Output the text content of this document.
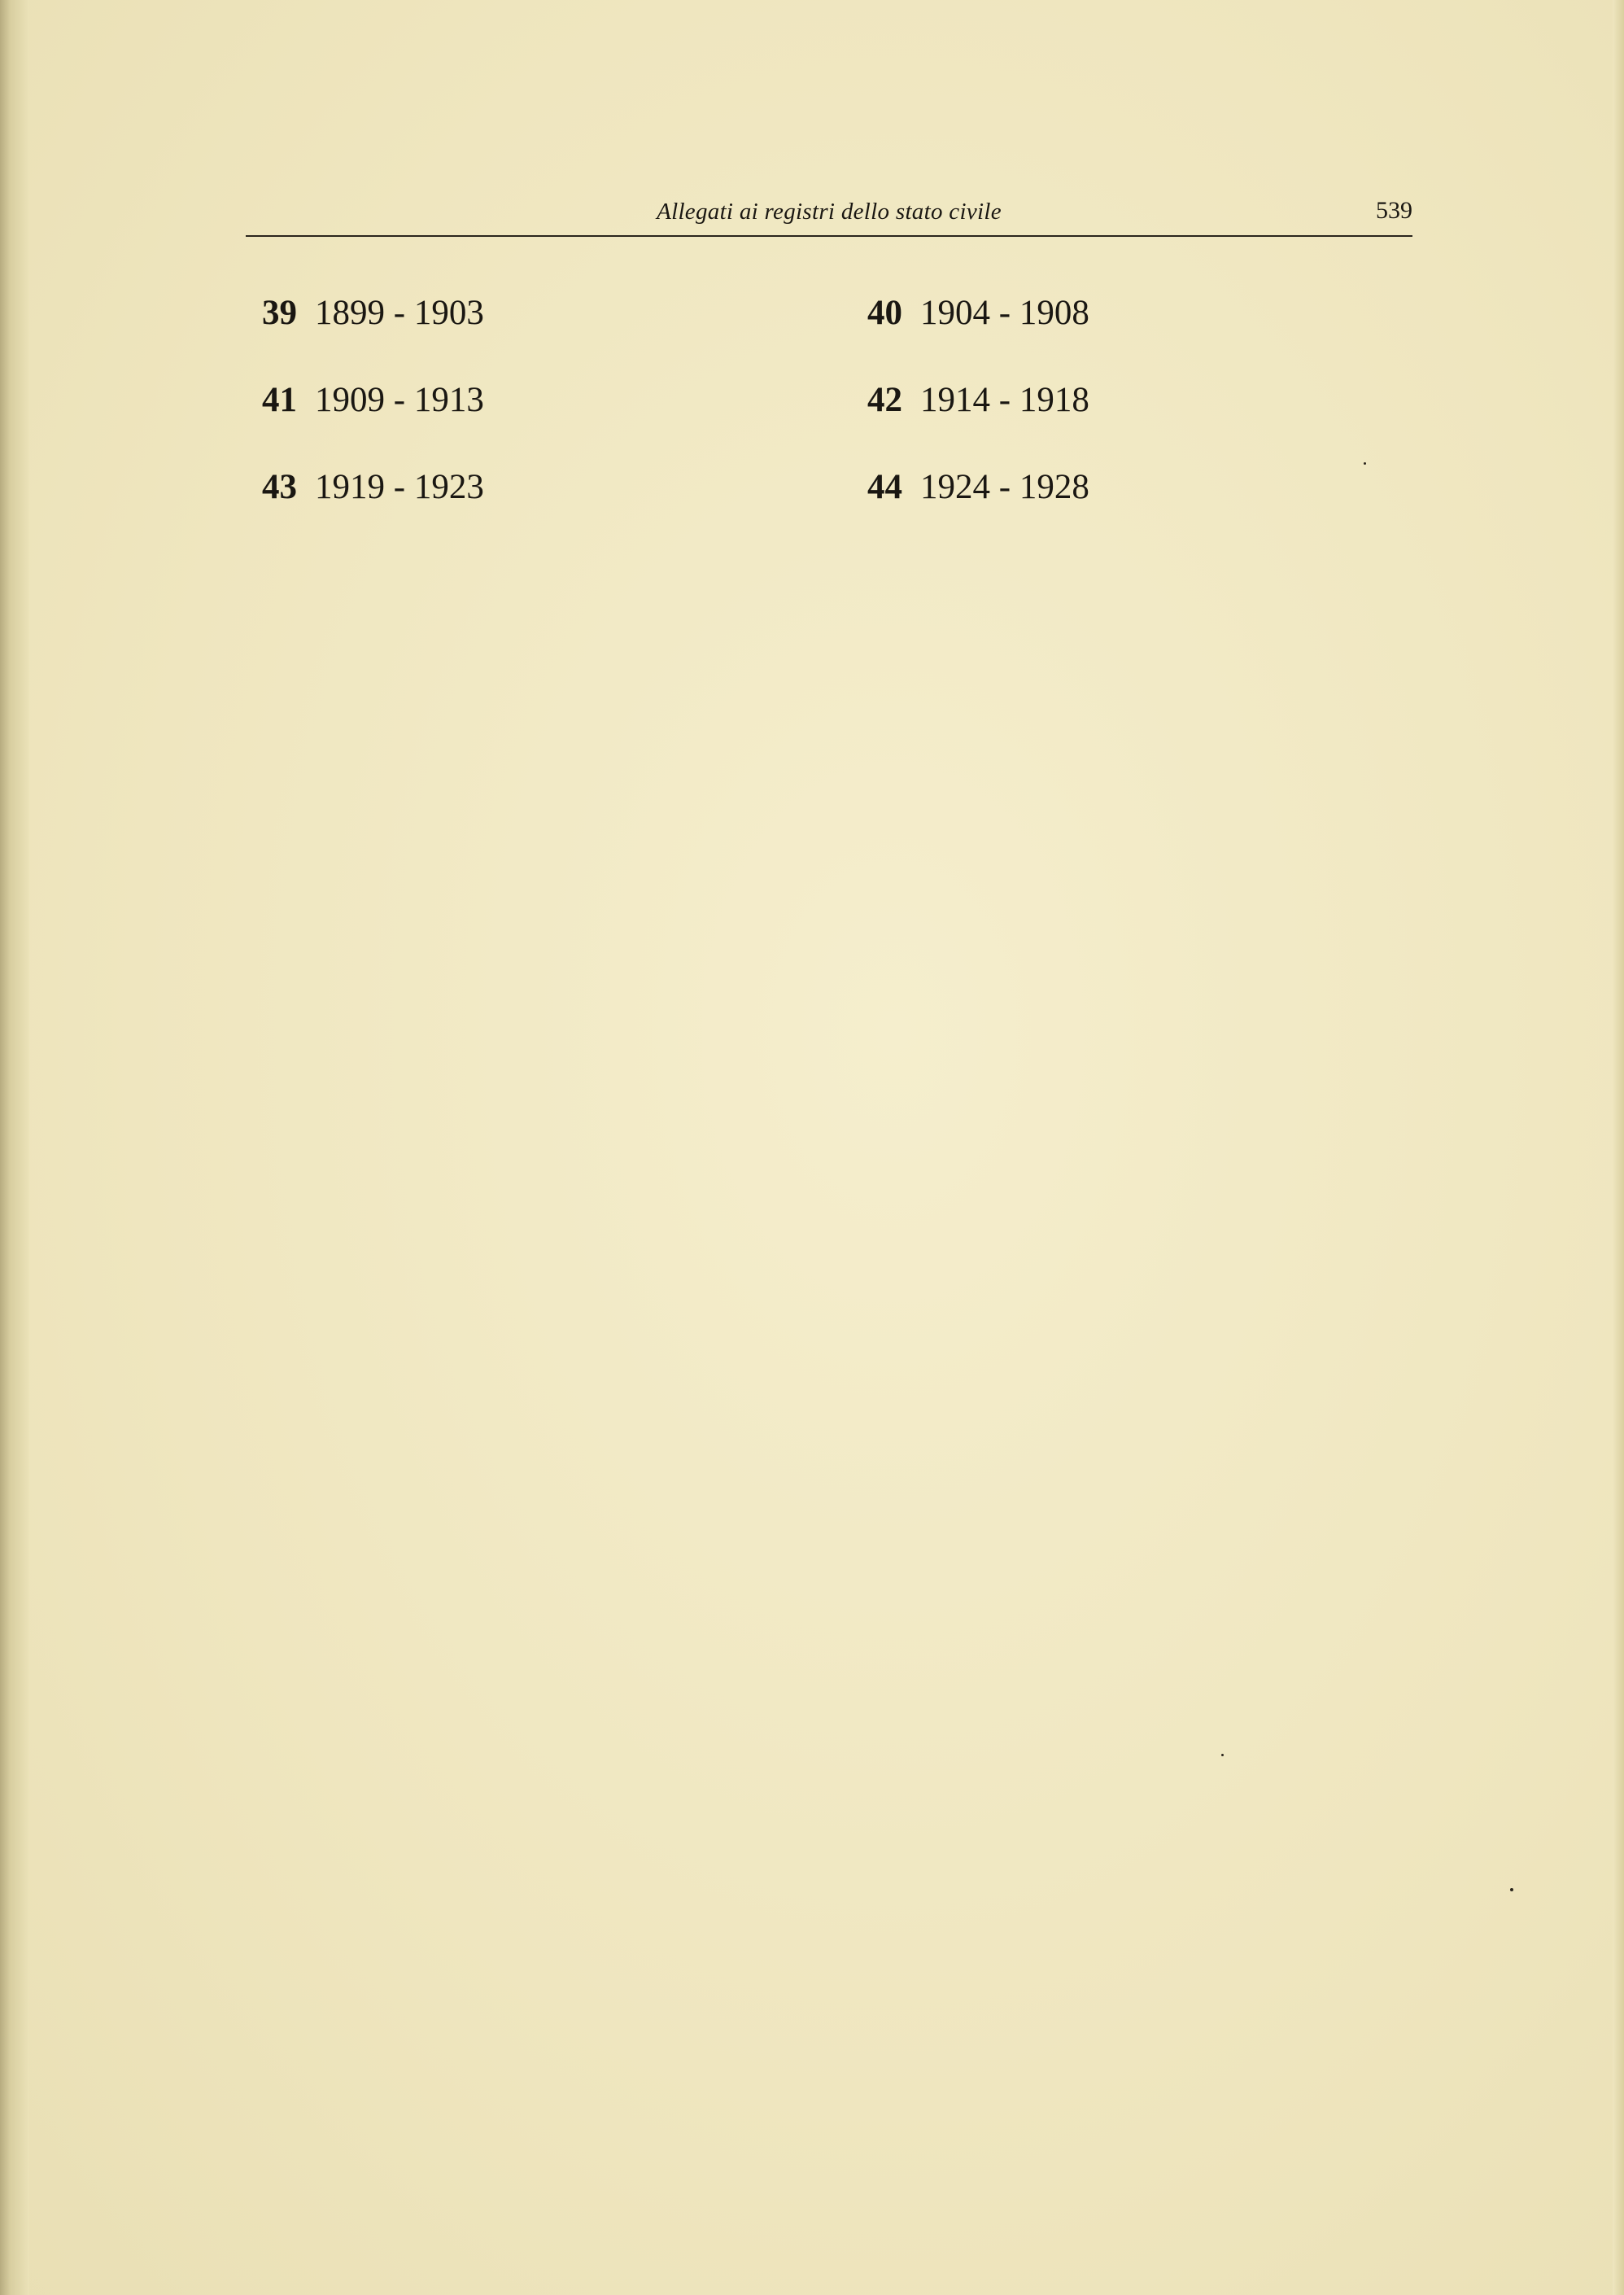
Allegati ai registri dello stato civile	539
39 1899 - 1903	40 1904 - 1908
41 1909 - 1913	42 1914 - 1918
43 1919 - 1923	44 1924 - 1928
